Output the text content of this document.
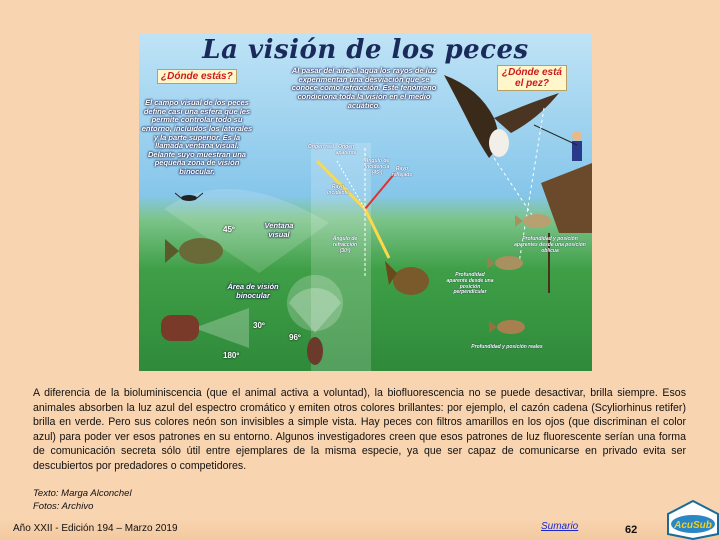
La visión de los peces
¿Dónde estás?	¿Dónde está el pez?
Al pasar del aire al agua los rayos de luz experimentan una desviación que se conoce como refracción. Este fenómeno condiciona toda la visión en el medio acuático.
El campo visual de los peces define casi una esfera que les permite controlar todo su entorno, incluidos los laterales y la parte superior. Es la llamada ventana visual. Delante suyo muestran una pequeña zona de visión binocular.
Origen real Origen aparente
Ángulo de incidencia (45º)
Rayo reflejado
Rayo incidente
Ángulo de refracción (30º)
Ventana visual
Área de visión binocular
Profundidad y posición aparentes desde una posición oblicua
Profundidad aparente desde una posición perpendicular
Profundidad y posición reales
45º
30º
96º
180º

A diferencia de la bioluminiscencia (que el animal activa a voluntad), la biofluorescencia no se puede desactivar, brilla siempre. Esos animales absorben la luz azul del espectro cromático y emiten otros colores brillantes: por ejemplo, el cazón cadena (Scyliorhinus retifer) brilla en verde. Pero sus colores neón son invisibles a simple vista. Hay peces con filtros amarillos en los ojos (que discriminan el color azul) para poder ver esos patrones en su entorno. Algunos investigadores creen que esos patrones de luz fluorescente serían una forma de comunicación secreta sólo útil entre ejemplares de la misma especie, ya que ser capaz de comunicarse en privado evita ser descubiertos por predadores o competidores.

Texto: Marga Alconchel
Fotos: Archivo
Año XXII - Edición 194 – Marzo 2019	Sumario	62	AcuSub
